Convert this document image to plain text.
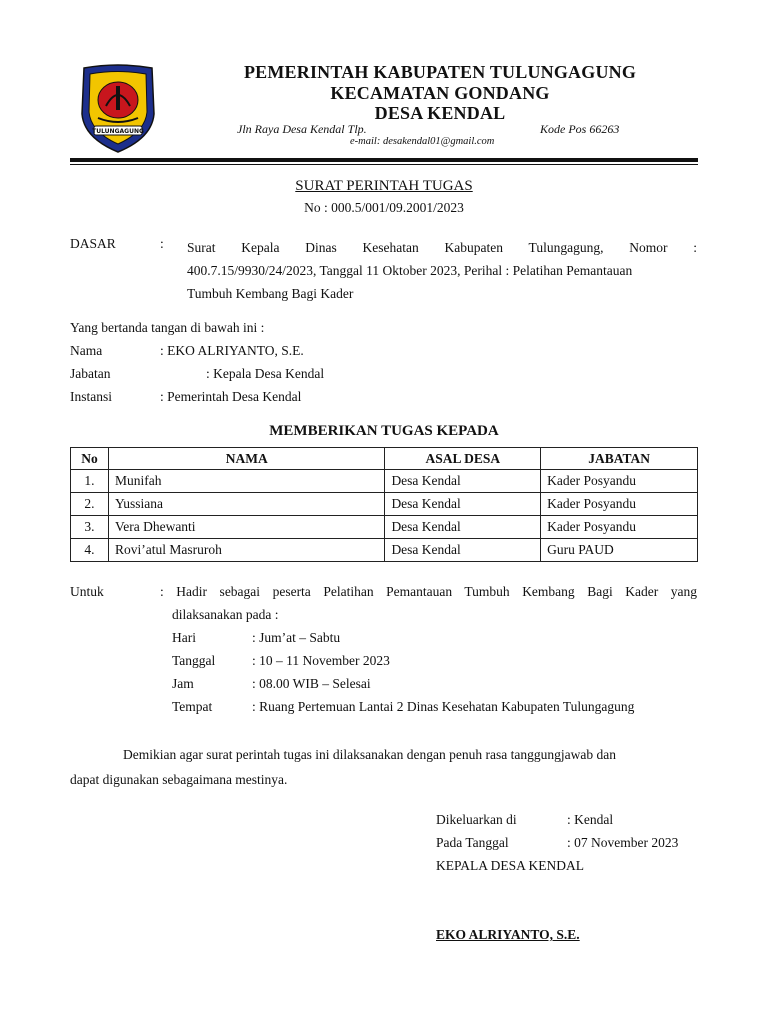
TULUNGAGUNG
PEMERINTAH KABUPATEN TULUNGAGUNG
KECAMATAN GONDANG
DESA KENDAL
Jln Raya Desa Kendal Tlp.	Kode Pos 66263
e-mail: desakendal01@gmail.com
SURAT PERINTAH TUGAS
No : 000.5/001/09.2001/2023
DASAR	: Surat Kepala Dinas Kesehatan Kabupaten Tulungagung, Nomor :
400.7.15/9930/24/2023, Tanggal 11 Oktober 2023, Perihal : Pelatihan Pemantauan
Tumbuh Kembang Bagi Kader
Yang bertanda tangan di bawah ini :
Nama	: EKO ALRIYANTO, S.E.
Jabatan	: Kepala Desa Kendal
Instansi	: Pemerintah Desa Kendal
MEMBERIKAN TUGAS KEPADA
No	NAMA	ASAL DESA	JABATAN
1.	Munifah	Desa Kendal	Kader Posyandu
2.	Yussiana	Desa Kendal	Kader Posyandu
3.	Vera Dhewanti	Desa Kendal	Kader Posyandu
4.	Rovi’atul Masruroh	Desa Kendal	Guru PAUD
Untuk	: Hadir sebagai peserta Pelatihan Pemantauan Tumbuh Kembang Bagi Kader yang
dilaksanakan pada :
Hari	: Jum’at – Sabtu
Tanggal	: 10 – 11 November 2023
Jam	: 08.00 WIB – Selesai
Tempat	: Ruang Pertemuan Lantai 2 Dinas Kesehatan Kabupaten Tulungagung
Demikian agar surat perintah tugas ini dilaksanakan dengan penuh rasa tanggungjawab dan
dapat digunakan sebagaimana mestinya.
Dikeluarkan di	: Kendal
Pada Tanggal	: 07 November 2023
KEPALA DESA KENDAL
EKO ALRIYANTO, S.E.
